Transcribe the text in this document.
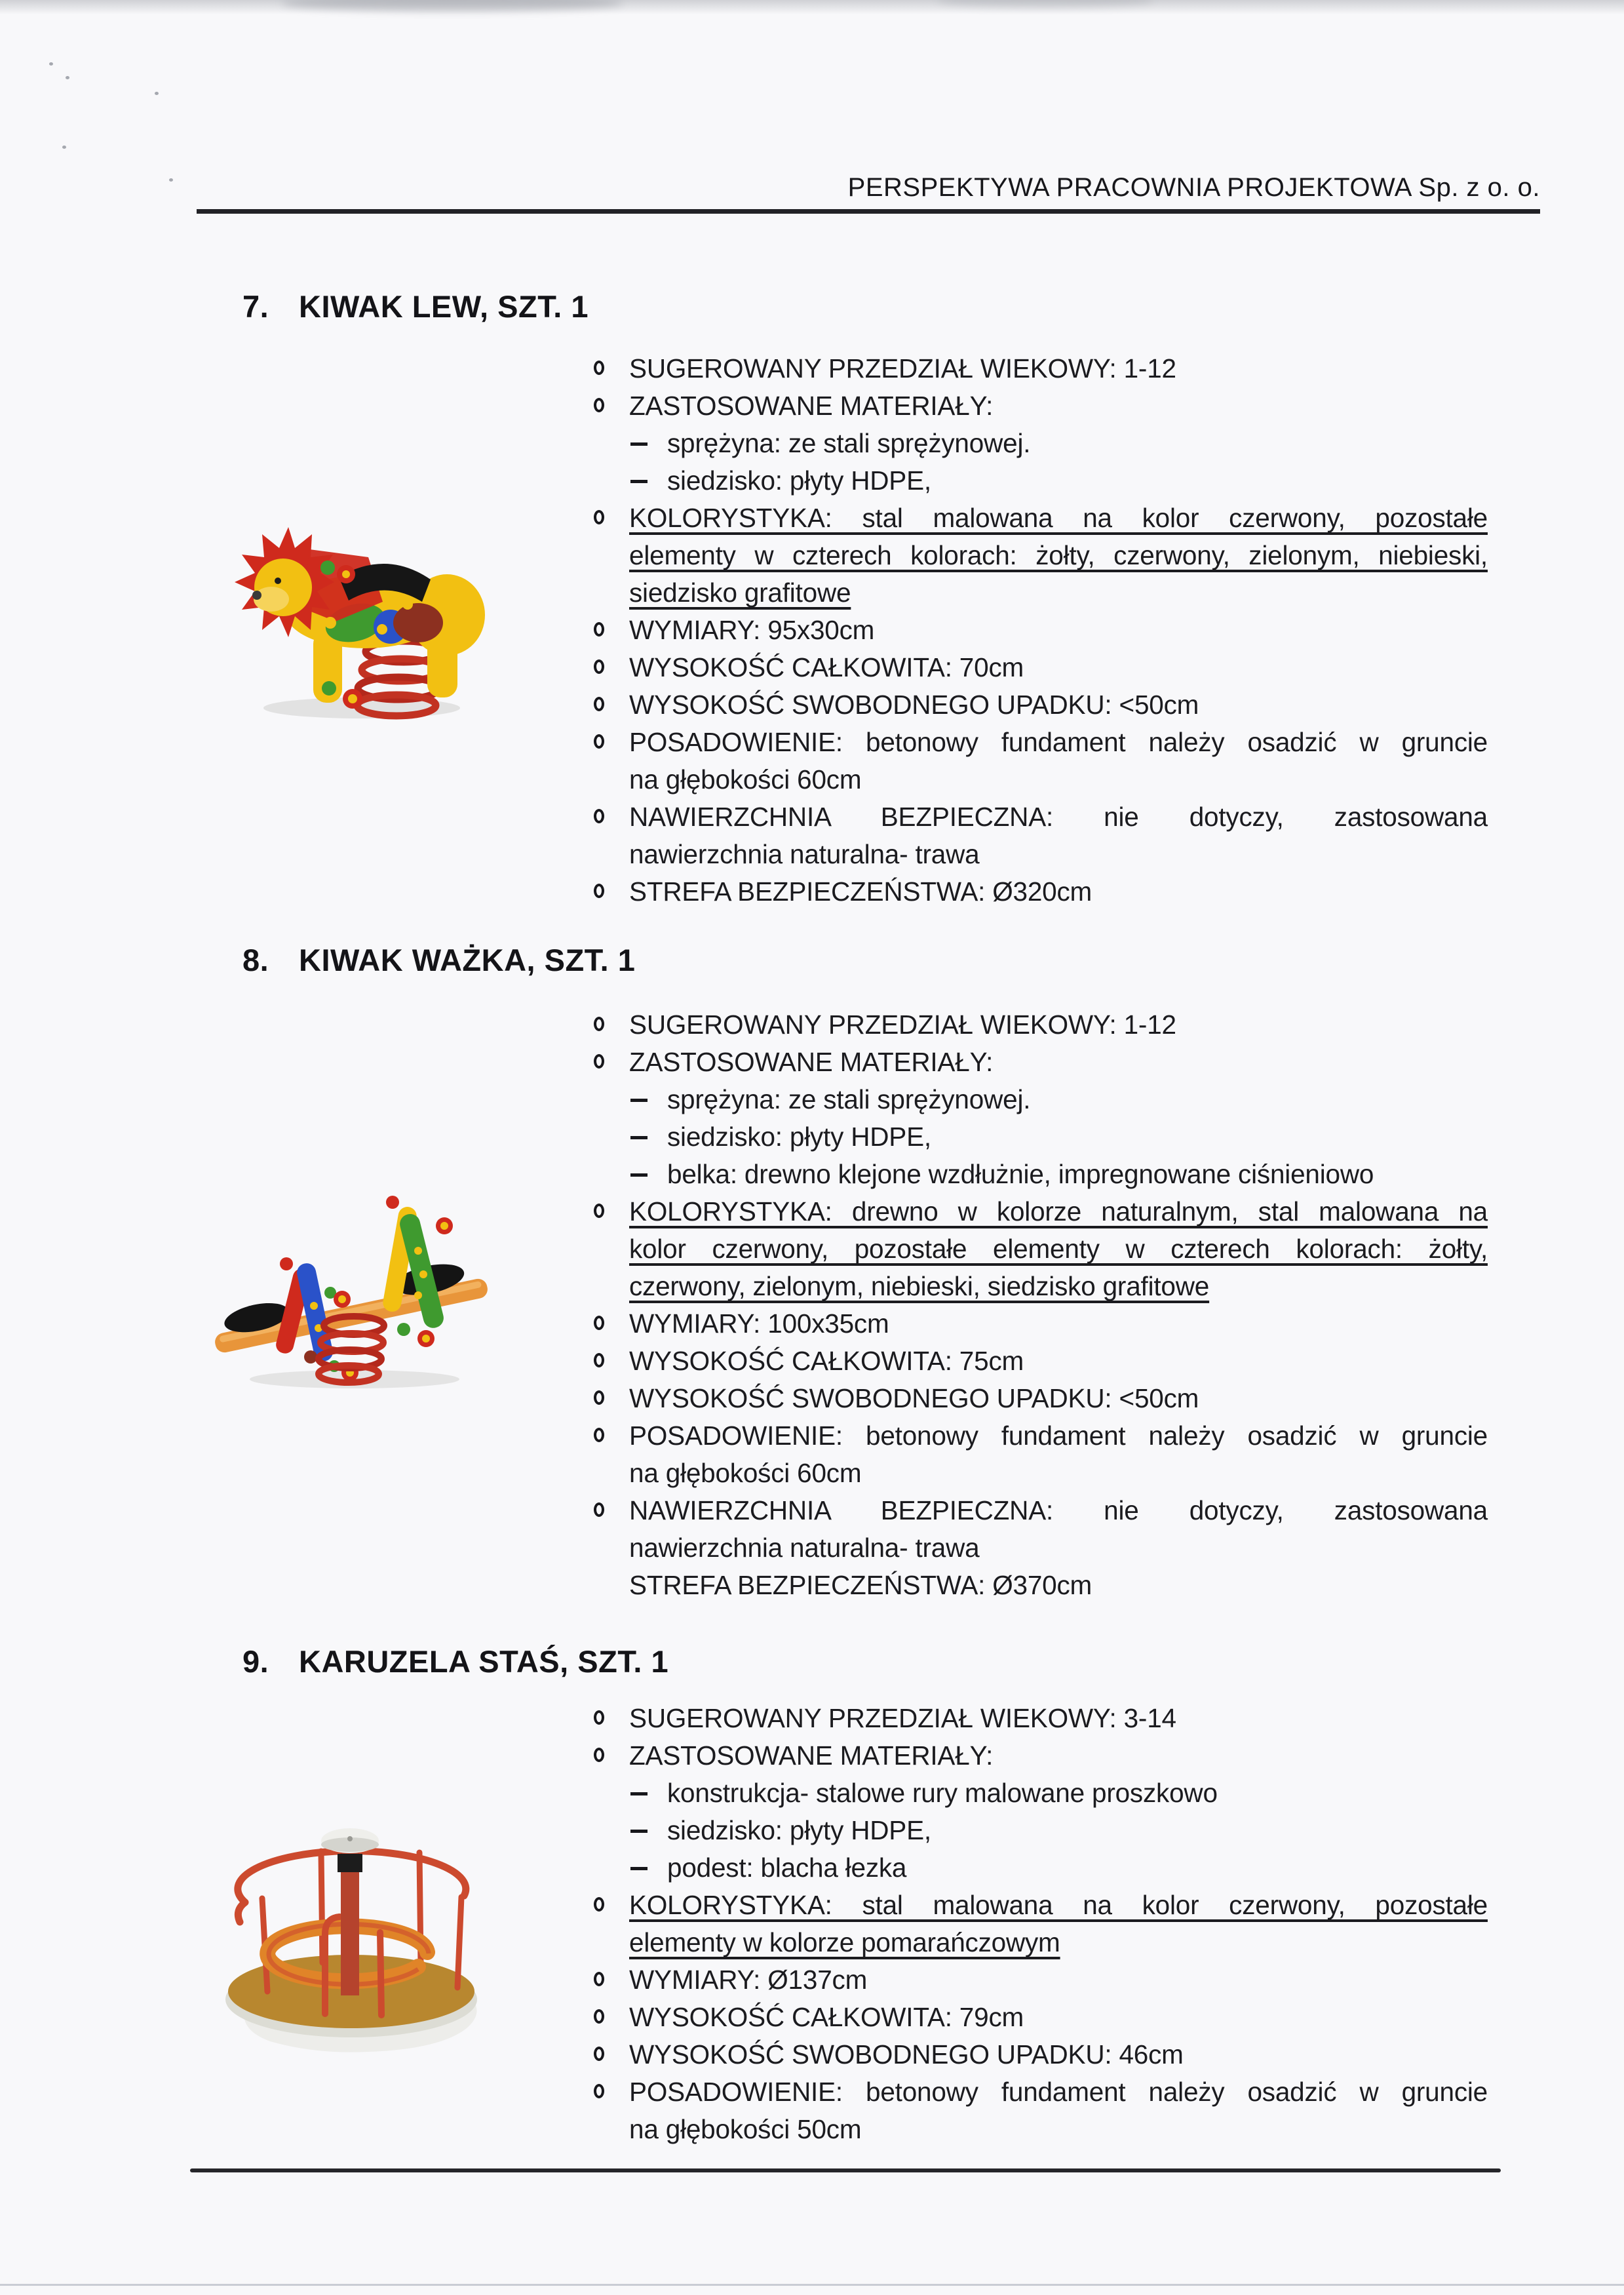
PERSPEKTYWA PRACOWNIA PROJEKTOWA Sp. z o. o.
7. KIWAK LEW, SZT. 1
SUGEROWANY PRZEDZIAŁ WIEKOWY: 1-12
ZASTOSOWANE MATERIAŁY:
sprężyna: ze stali sprężynowej.
siedzisko: płyty HDPE,
KOLORYSTYKA: stal malowana na kolor czerwony, pozostałe
elementy w czterech kolorach: żołty, czerwony, zielonym, niebieski,
siedzisko grafitowe
WYMIARY: 95x30cm
WYSOKOŚĆ CAŁKOWITA: 70cm
WYSOKOŚĆ SWOBODNEGO UPADKU: <50cm
POSADOWIENIE: betonowy fundament należy osadzić w gruncie
na głębokości 60cm
NAWIERZCHNIA BEZPIECZNA: nie dotyczy, zastosowana
nawierzchnia naturalna- trawa
STREFA BEZPIECZEŃSTWA: Ø320cm
8. KIWAK WAŻKA, SZT. 1
SUGEROWANY PRZEDZIAŁ WIEKOWY: 1-12
ZASTOSOWANE MATERIAŁY:
sprężyna: ze stali sprężynowej.
siedzisko: płyty HDPE,
belka: drewno klejone wzdłużnie, impregnowane ciśnieniowo
KOLORYSTYKA: drewno w kolorze naturalnym, stal malowana na
kolor czerwony, pozostałe elementy w czterech kolorach: żołty,
czerwony, zielonym, niebieski, siedzisko grafitowe
WYMIARY: 100x35cm
WYSOKOŚĆ CAŁKOWITA: 75cm
WYSOKOŚĆ SWOBODNEGO UPADKU: <50cm
POSADOWIENIE: betonowy fundament należy osadzić w gruncie
na głębokości 60cm
NAWIERZCHNIA BEZPIECZNA: nie dotyczy, zastosowana
nawierzchnia naturalna- trawa
STREFA BEZPIECZEŃSTWA: Ø370cm
9. KARUZELA STAŚ, SZT. 1
SUGEROWANY PRZEDZIAŁ WIEKOWY: 3-14
ZASTOSOWANE MATERIAŁY:
konstrukcja- stalowe rury malowane proszkowo
siedzisko: płyty HDPE,
podest: blacha łezka
KOLORYSTYKA: stal malowana na kolor czerwony, pozostałe
elementy w kolorze pomarańczowym
WYMIARY: Ø137cm
WYSOKOŚĆ CAŁKOWITA: 79cm
WYSOKOŚĆ SWOBODNEGO UPADKU: 46cm
POSADOWIENIE: betonowy fundament należy osadzić w gruncie
na głębokości 50cm
